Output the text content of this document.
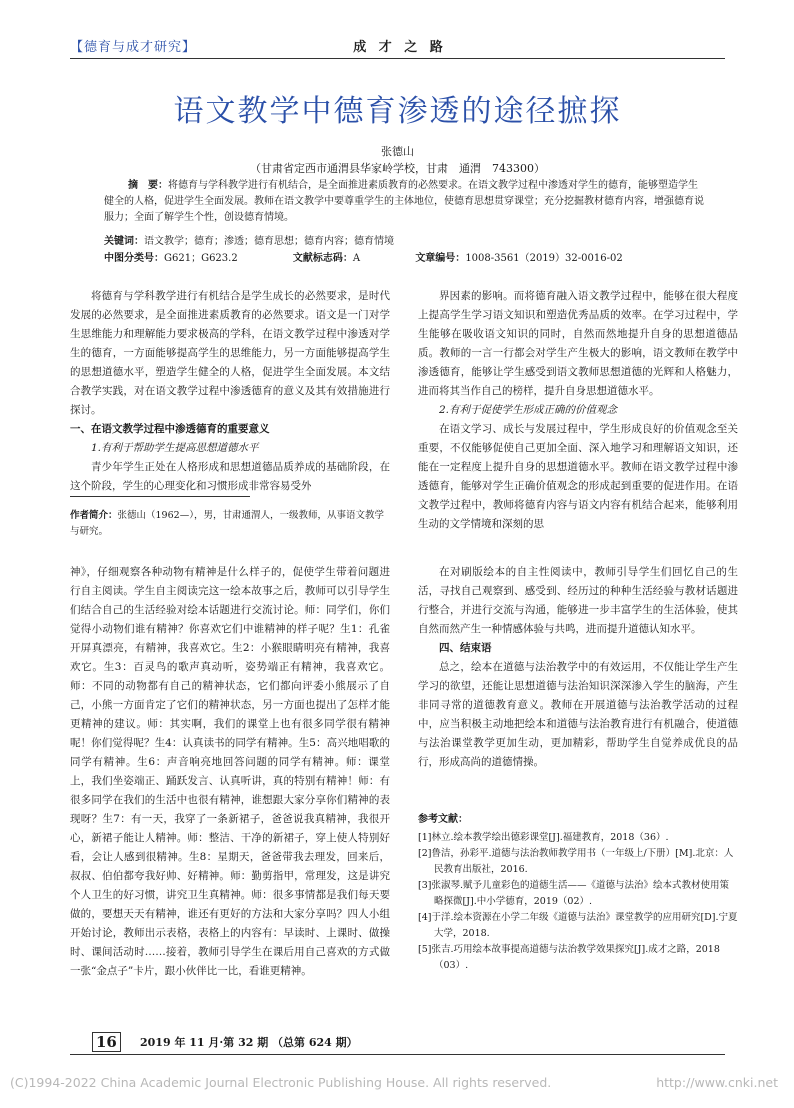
【德育与成才研究】	成 才 之 路
语文教学中德育渗透的途径摭探
张德山
（甘肃省定西市通渭县华家岭学校，甘肃　通渭　743300）
摘　要：将德育与学科教学进行有机结合，是全面推进素质教育的必然要求。在语文教学过程中渗透对学生的德育，能够塑造学生健全的人格，促进学生全面发展。教师在语文教学中要尊重学生的主体地位，使德育思想贯穿课堂；充分挖掘教材德育内容，增强德育说服力；全面了解学生个性，创设德育情境。
关键词：语文教学；德育；渗透；德育思想；德育内容；德育情境
中图分类号：G621；G623.2	文献标志码：A	文章编号：1008-3561（2019）32-0016-02

将德育与学科教学进行有机结合是学生成长的必然要求，是时代发展的必然要求，是全面推进素质教育的必然要求。语文是一门对学生思维能力和理解能力要求极高的学科，在语文教学过程中渗透对学生的德育，一方面能够提高学生的思维能力，另一方面能够提高学生的思想道德水平，塑造学生健全的人格，促进学生全面发展。本文结合教学实践，对在语文教学过程中渗透德育的意义及其有效措施进行探讨。

一、在语文教学过程中渗透德育的重要意义

1.有利于帮助学生提高思想道德水平

青少年学生正处在人格形成和思想道德品质养成的基础阶段，在这个阶段，学生的心理变化和习惯形成非常容易受外

作者简介：张德山（1962—），男，甘肃通渭人，一级教师，从事语文教学与研究。

界因素的影响。而将德育融入语文教学过程中，能够在很大程度上提高学生学习语文知识和塑造优秀品质的效率。在学习过程中，学生能够在吸收语文知识的同时，自然而然地提升自身的思想道德品质。教师的一言一行都会对学生产生极大的影响，语文教师在教学中渗透德育，能够让学生感受到语文教师思想道德的光辉和人格魅力，进而将其当作自己的榜样，提升自身思想道德水平。

2.有利于促使学生形成正确的价值观念

在语文学习、成长与发展过程中，学生形成良好的价值观念至关重要，不仅能够促使自己更加全面、深入地学习和理解语文知识，还能在一定程度上提升自身的思想道德水平。教师在语文教学过程中渗透德育，能够对学生正确价值观念的形成起到重要的促进作用。在语文教学过程中，教师将德育内容与语文内容有机结合起来，能够利用生动的文学情境和深刻的思

神》，仔细观察各种动物有精神是什么样子的，促使学生带着问题进行自主阅读。学生自主阅读完这一绘本故事之后，教师可以引导学生们结合自己的生活经验对绘本话题进行交流讨论。师：同学们，你们觉得小动物们谁有精神？你喜欢它们中谁精神的样子呢？生1：孔雀开屏真漂亮，有精神，我喜欢它。生2：小猴眼睛明亮有精神，我喜欢它。生3：百灵鸟的歌声真动听，姿势端正有精神，我喜欢它。师：不同的动物都有自己的精神状态，它们都向评委小熊展示了自己，小熊一方面肯定了它们的精神状态，另一方面也提出了怎样才能更精神的建议。师：其实啊，我们的课堂上也有很多同学很有精神呢！你们觉得呢？生4：认真读书的同学有精神。生5：高兴地唱歌的同学有精神。生6：声音响亮地回答问题的同学有精神。师：课堂上，我们坐姿端正、踊跃发言、认真听讲，真的特别有精神！师：有很多同学在我们的生活中也很有精神，谁想跟大家分享你们精神的表现呀？生7：有一天，我穿了一条新裙子，爸爸说我真精神，我很开心，新裙子能让人精神。师：整洁、干净的新裙子，穿上使人特别好看，会让人感到很精神。生8：星期天，爸爸带我去理发，回来后，叔叔、伯伯都夸我好帅、好精神。师：勤剪指甲，常理发，这是讲究个人卫生的好习惯，讲究卫生真精神。师：很多事情都是我们每天要做的，要想天天有精神，谁还有更好的方法和大家分享吗？四人小组开始讨论，教师出示表格，表格上的内容有：早读时、上课时、做操时、课间活动时……接着，教师引导学生在课后用自己喜欢的方式做一张“金点子”卡片，跟小伙伴比一比，看谁更精神。

在对刷版绘本的自主性阅读中，教师引导学生们回忆自己的生活，寻找自己观察到、感受到、经历过的种种生活经验与教材话题进行整合，并进行交流与沟通，能够进一步丰富学生的生活体验，使其自然而然产生一种情感体验与共鸣，进而提升道德认知水平。

四、结束语

总之，绘本在道德与法治教学中的有效运用，不仅能让学生产生学习的欲望，还能让思想道德与法治知识深深渗入学生的脑海，产生非同寻常的道德教育意义。教师在开展道德与法治教学活动的过程中，应当积极主动地把绘本和道德与法治教育进行有机融合，使道德与法治课堂教学更加生动，更加精彩，帮助学生自觉养成优良的品行，形成高尚的道德情操。

参考文献：
[1]林立.绘本教学绘出德彩课堂[J].福建教育，2018（36）.
[2]鲁洁，孙彩平.道德与法治教师教学用书（一年级上/下册）[M].北京：人民教育出版社，2016.
[3]张淑琴.赋予儿童彩色的道德生活——《道德与法治》绘本式教材使用策略探微[J].中小学德育，2019（02）.
[4]于洋.绘本资源在小学二年级《道德与法治》课堂教学的应用研究[D].宁夏大学，2018.
[5]张吉.巧用绘本故事提高道德与法治教学效果探究[J].成才之路，2018（03）.
16	2019 年 11 月·第 32 期 （总第 624 期）
(C)1994-2022 China Academic Journal Electronic Publishing House. All rights reserved.	http://www.cnki.net
